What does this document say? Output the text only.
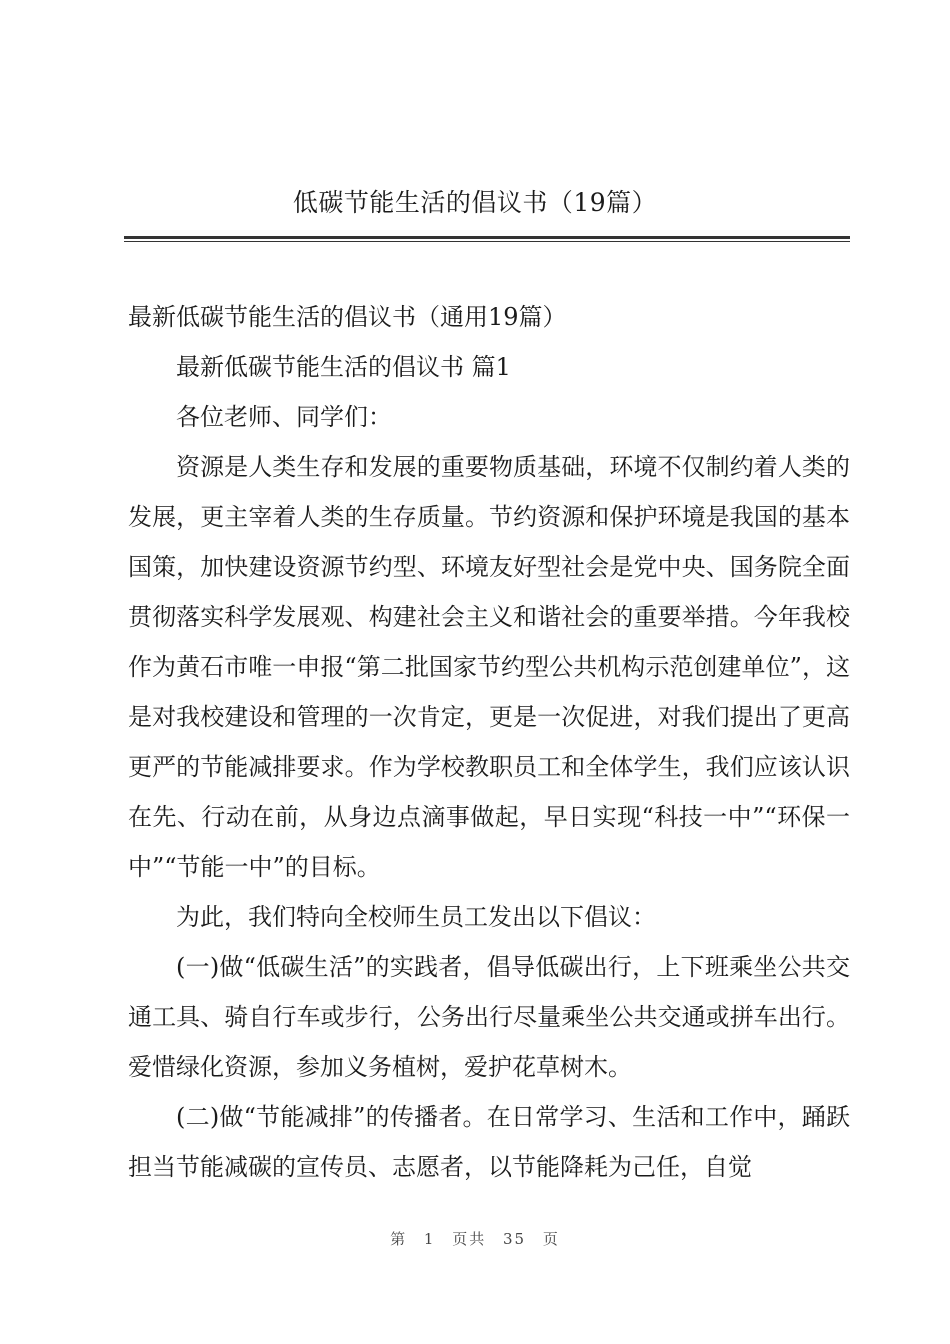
低碳节能生活的倡议书（19篇）

最新低碳节能生活的倡议书（通用19篇）

最新低碳节能生活的倡议书 篇1

各位老师、同学们：

资源是人类生存和发展的重要物质基础，环境不仅制约着人类的发展，更主宰着人类的生存质量。节约资源和保护环境是我国的基本国策，加快建设资源节约型、环境友好型社会是党中央、国务院全面贯彻落实科学发展观、构建社会主义和谐社会的重要举措。今年我校作为黄石市唯一申报“第二批国家节约型公共机构示范创建单位”，这是对我校建设和管理的一次肯定，更是一次促进，对我们提出了更高更严的节能减排要求。作为学校教职员工和全体学生，我们应该认识在先、行动在前，从身边点滴事做起，早日实现“科技一中”“环保一中”“节能一中”的目标。

为此，我们特向全校师生员工发出以下倡议：

(一)做“低碳生活”的实践者，倡导低碳出行，上下班乘坐公共交通工具、骑自行车或步行，公务出行尽量乘坐公共交通或拼车出行。爱惜绿化资源，参加义务植树，爱护花草树木。

(二)做“节能减排”的传播者。在日常学习、生活和工作中，踊跃担当节能减碳的宣传员、志愿者，以节能降耗为己任，自觉

第 1 页共 35 页
